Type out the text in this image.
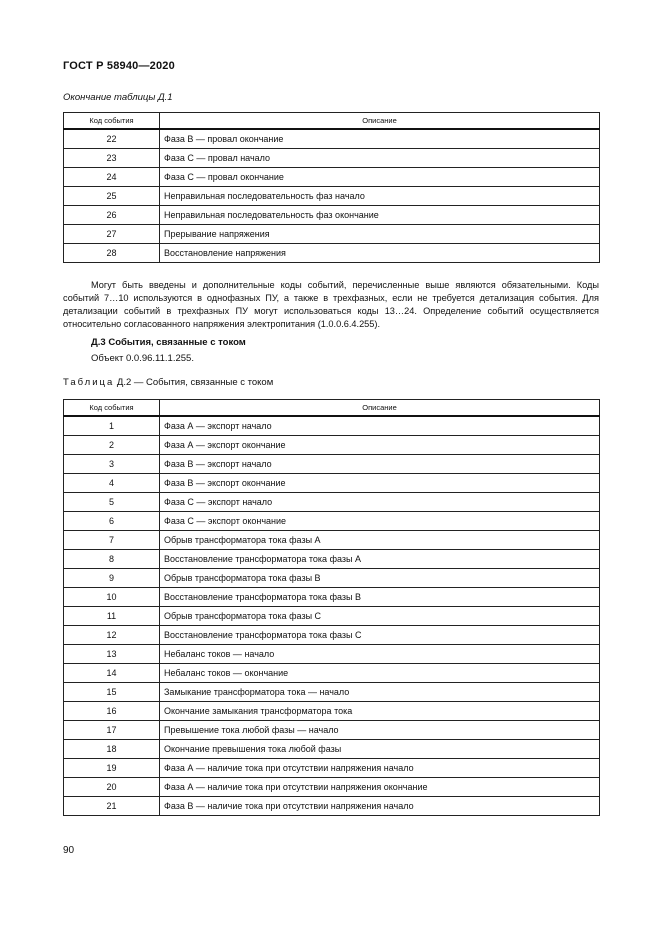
ГОСТ Р 58940—2020
Окончание таблицы Д.1
Код события	Описание
22	Фаза В — провал окончание
23	Фаза С — провал начало
24	Фаза С — провал окончание
25	Неправильная последовательность фаз начало
26	Неправильная последовательность фаз окончание
27	Прерывание напряжения
28	Восстановление напряжения

Могут быть введены и дополнительные коды событий, перечисленные выше являются обязательными. Коды событий 7…10 используются в однофазных ПУ, а также в трехфазных, если не требуется детализация события. Для детализации событий в трехфазных ПУ могут использоваться коды 13…24. Определение событий осуществляется относительно согласованного напряжения электропитания (1.0.0.6.4.255).

Д.3 События, связанные с током
Объект 0.0.96.11.1.255.
Таблица Д.2 — События, связанные с током
Код события	Описание
1	Фаза А — экспорт начало
2	Фаза А — экспорт окончание
3	Фаза В — экспорт начало
4	Фаза В — экспорт окончание
5	Фаза С — экспорт начало
6	Фаза С — экспорт окончание
7	Обрыв трансформатора тока фазы А
8	Восстановление трансформатора тока фазы А
9	Обрыв трансформатора тока фазы В
10	Восстановление трансформатора тока фазы В
11	Обрыв трансформатора тока фазы С
12	Восстановление трансформатора тока фазы С
13	Небаланс токов — начало
14	Небаланс токов — окончание
15	Замыкание трансформатора тока — начало
16	Окончание замыкания трансформатора тока
17	Превышение тока любой фазы — начало
18	Окончание превышения тока любой фазы
19	Фаза А — наличие тока при отсутствии напряжения начало
20	Фаза А — наличие тока при отсутствии напряжения окончание
21	Фаза В — наличие тока при отсутствии напряжения начало
90
